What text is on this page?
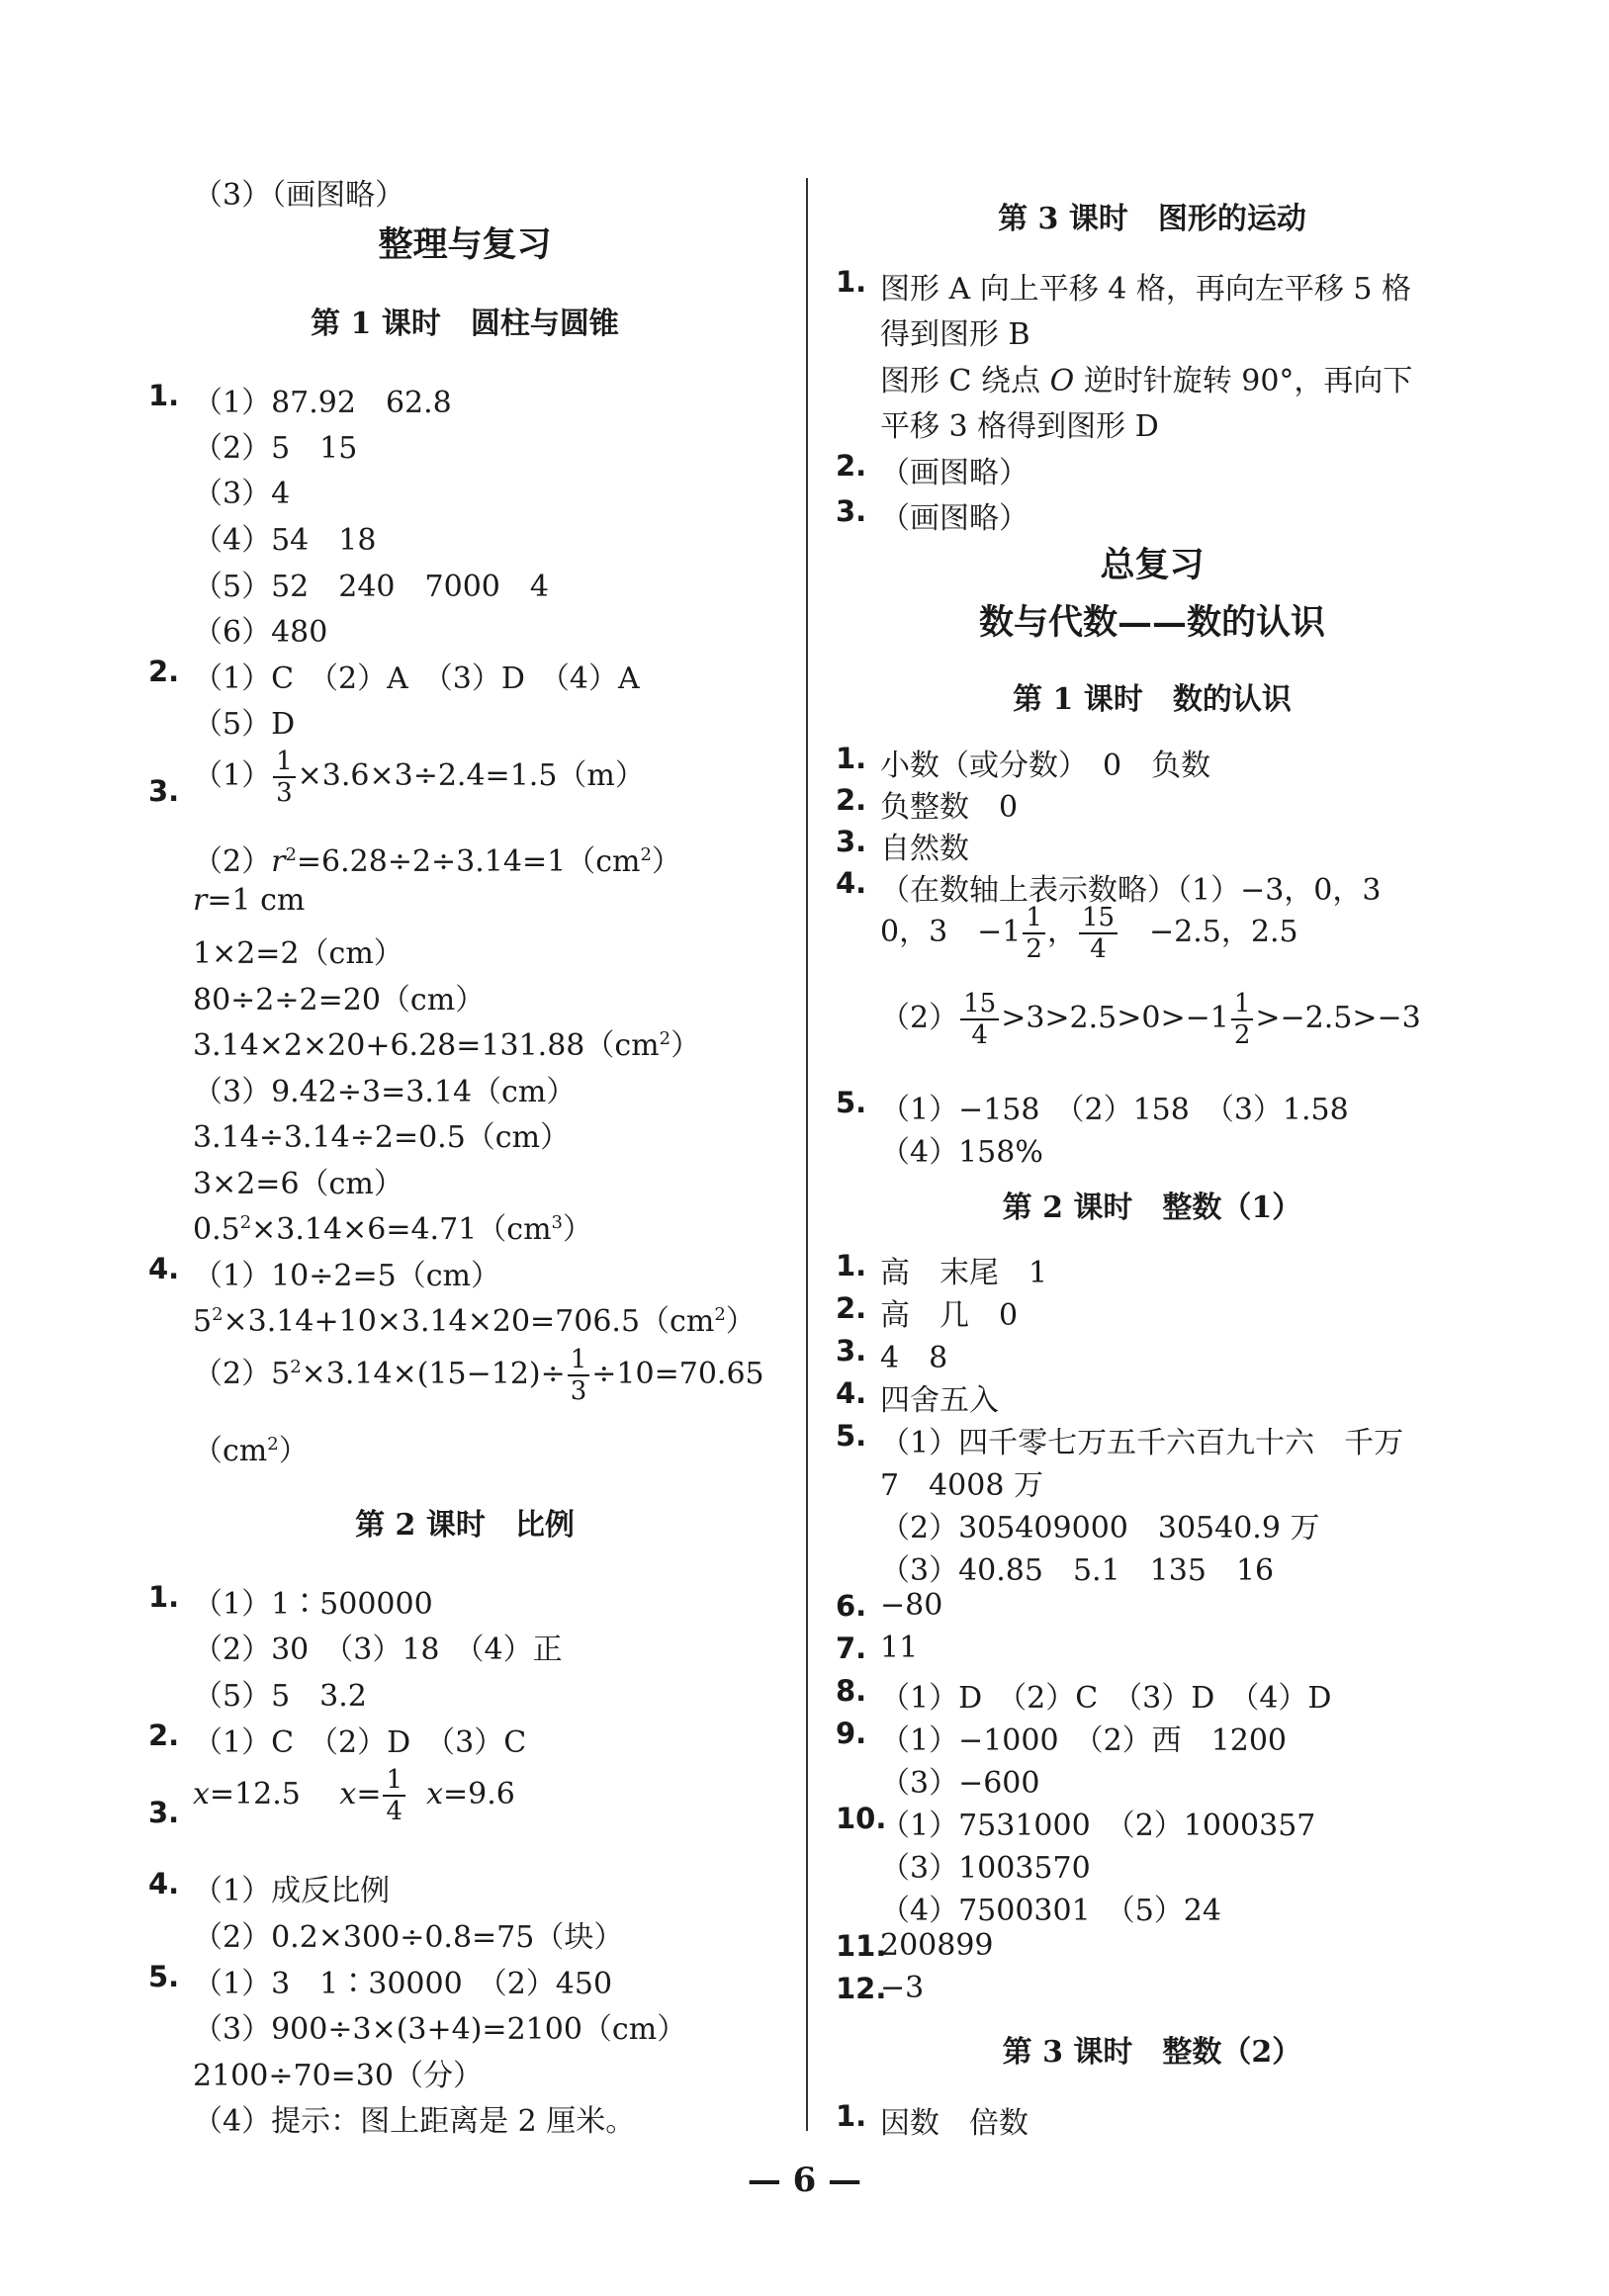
（3）（画图略）
整理与复习
第 1 课时　圆柱与圆锥
1. （1）87.92　62.8
（2）5　15
（3）4
（4）54　18
（5）52　240　7000　4
（6）480
2. （1）C　（2）A　（3）D　（4）A
（5）D
3. $(1) \frac{1}{3} \times 3.6\times 3\div 2.4=1.5(m)$
$(2)r^2=6.28\div 2\div 3.14=1(cm^2)$
r=1 cm
1×2=2（cm）
80÷2÷2=20（cm）
$3.14\times 2\times 20+6.28=131.88(cm^2)$
（3）9.42÷3=3.14（cm）
3.14÷3.14÷2=0.5（cm）
3×2=6（cm）
$0.5^2\times 3.14\times 6=4.71(cm^3)$
4. （1）10÷2=5（cm）
$5^2\times 3.14+10\times 3.14\times 20=706.5(cm^2)$
$(2)5^2\times 3.14\times(15-12)\div \frac{1}{3} \div 10=70.65$
$(cm^2)$
第 2 课时　比例
1. （1）1∶500000
（2）30　（3）18　（4）正
（5）5　3.2
2. （1）C　（2）D　（3）C
3.
x=12.5　 $x= \frac{1}{4} x=9.6$
4. （1）成反比例
（2）0.2×300÷0.8=75（块）
5. （1）3　1∶30000　（2）450
（3）900÷3×(3+4)=2100（cm）
2100÷70=30（分）
（4）提示：图上距离是 2 厘米。
第 3 课时　图形的运动
1. 图形 A 向上平移 4 格，再向左平移 5 格
得到图形 B
图形 C 绕点 O 逆时针旋转 90°，再向下
平移 3 格得到图形 D
2. （画图略）
3. （画图略）
总复习
数与代数——数的认识
第 1 课时　数的认识
1. 小数（或分数）　0　负数
2. 负整数　0
3. 自然数
4. （在数轴上表示数略）（1）−3，0，3
0，3　$-1 \frac{1}{2}$ ， $\frac{15}{4}$ 　−2.5，2.5
$(2) \frac{15}{4} >3>2.5>0>-1 \frac{1}{2} >-2.5>-3$
5. （1）−158　（2）158　（3）1.58
（4）158%
第 2 课时　整数（1）
1. 高　末尾　1
2. 高　几　0
3. 4　8
4. 四舍五入
5. （1）四千零七万五千六百九十六　千万
7　4008 万
（2）305409000　30540.9 万
（3）40.85　5.1　135　16
6. −80
7. 11
8. （1）D　（2）C　（3）D　（4）D
9. （1）−1000　（2）西　1200
（3）−600
10.
（1）7531000　（2）1000357
（3）1003570
（4）7500301　（5）24
11.
200899
12.
−3
第 3 课时　整数（2）
1. 因数　倍数
— 6 —
